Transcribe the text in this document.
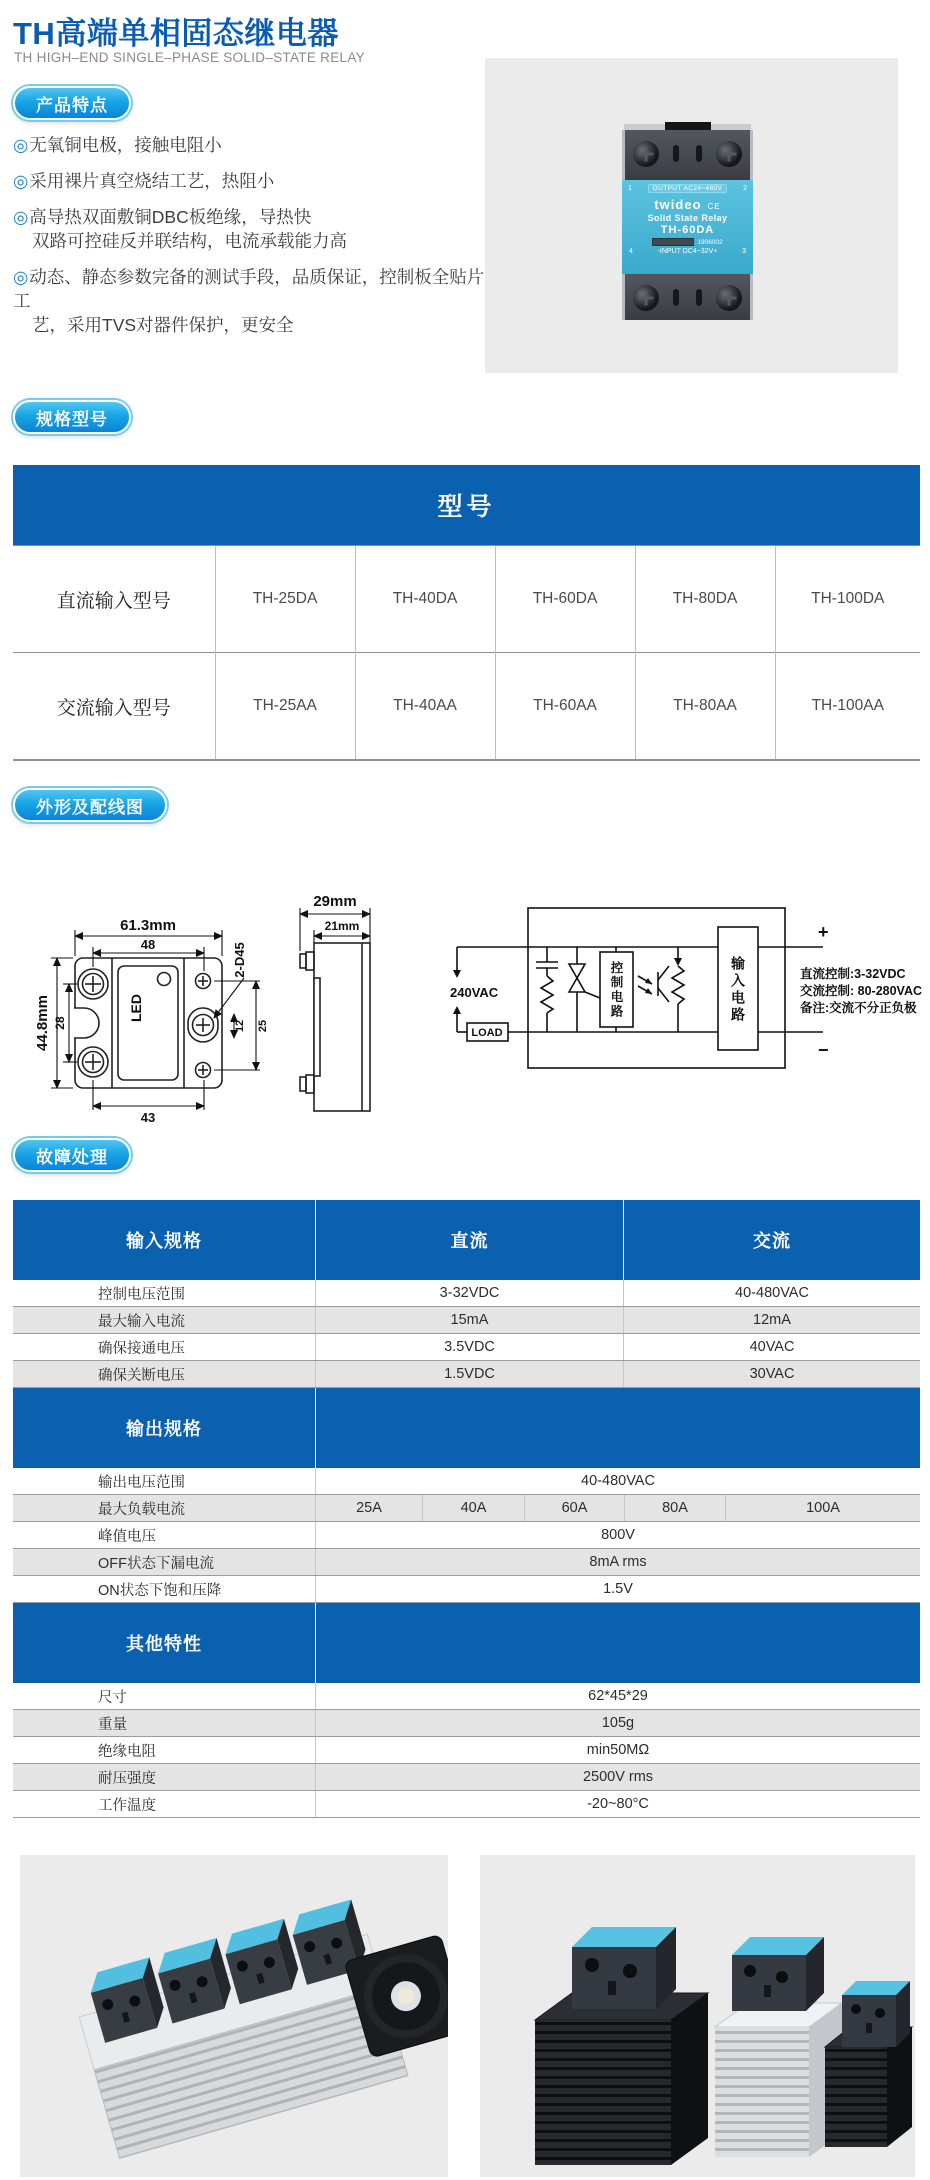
TH高端单相固态继电器
TH HIGH–END SINGLE–PHASE SOLID–STATE RELAY
产品特点
◎无氧铜电极，接触电阻小
◎采用裸片真空烧结工艺，热阻小
◎高导热双面敷铜DBC板绝缘，导热快
双路可控硅反并联结构，电流承载能力高
◎动态、静态参数完备的测试手段，品质保证，控制板全贴片工
艺，采用TVS对器件保护，更安全
1	OUTPUT AC24~480V	2
twideo CE
Solid State Relay
TH-60DA
1906002
4	-INPUT DC4~32V+	3
规格型号
型号					
直流输入型号	TH-25DA	TH-40DA	TH-60DA	TH-80DA	TH-100DA
交流输入型号	TH-25AA	TH-40AA	TH-60AA	TH-80AA	TH-100AA
外形及配线图
61.3mm
48
44.8mm 28
43
2-D45
12 25
LED
29mm
21mm
240VAC
LOAD
控制电路	输入电路
+
−
直流控制:3-32VDC
交流控制: 80-280VAC
备注:交流不分正负极
故障处理
输入规格	直流	交流
控制电压范围	3-32VDC	40-480VAC
最大输入电流	15mA	12mA
确保接通电压	3.5VDC	40VAC
确保关断电压	1.5VDC	30VAC
输出规格
输出电压范围	40-480VAC
最大负载电流	25A	40A	60A	80A	100A
峰值电压	800V
OFF状态下漏电流	8mA rms
ON状态下饱和压降	1.5V
其他特性
尺寸	62*45*29
重量	105g
绝缘电阻	min50MΩ
耐压强度	2500V rms
工作温度	-20~80°C
